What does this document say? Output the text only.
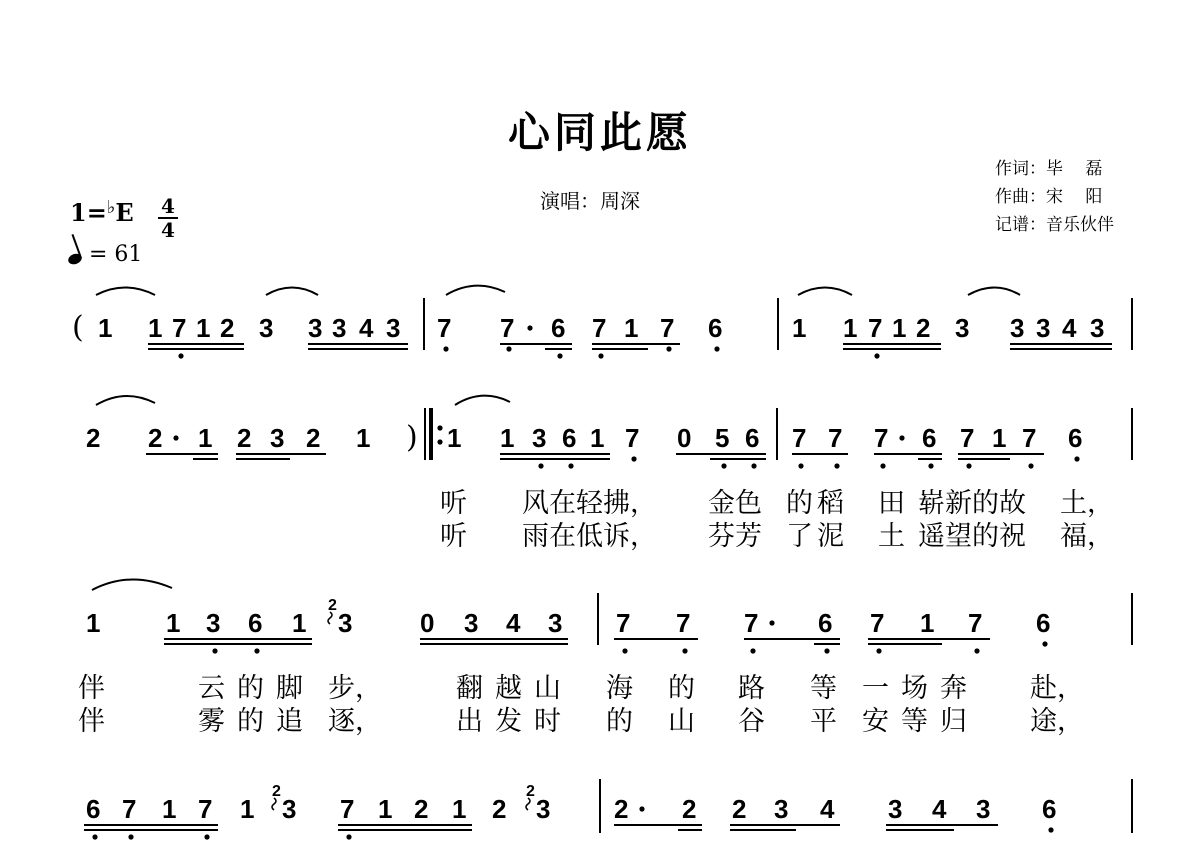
心同此愿
演唱：周深
作词：毕　 磊
作曲：宋　 阳
记谱：音乐伙伴
1=♭E 4
4
= 61
( 1 1 7 1 2 3 3 3 4 3 7 7 6 7 1 7 6	1 1 7 1 2 3 3 3 4 3
2 2 1 2 3 2 1 ) 1 1 3 6 1 7 0 5 6 7 7 7 6 7 1 7 6
听 风在轻拂， 金色 的稻 田 崭新的故 土，
听 雨在低诉， 芬芳 了泥 土 遥望的祝 福，
1	1 3 6 1
2
3	0 3 4 3 7 7 7 6 7 1 7 6
伴	云的脚 步，	翻越山 海 的 路 等 一场奔 赴，
伴	雾的追 逐，	出发时 的 山 谷 平 安等归 途，
6 7 1 7 1
2
3 7 1 2 1 2
2
3 2 2 2 3 4 3 4 3 6
